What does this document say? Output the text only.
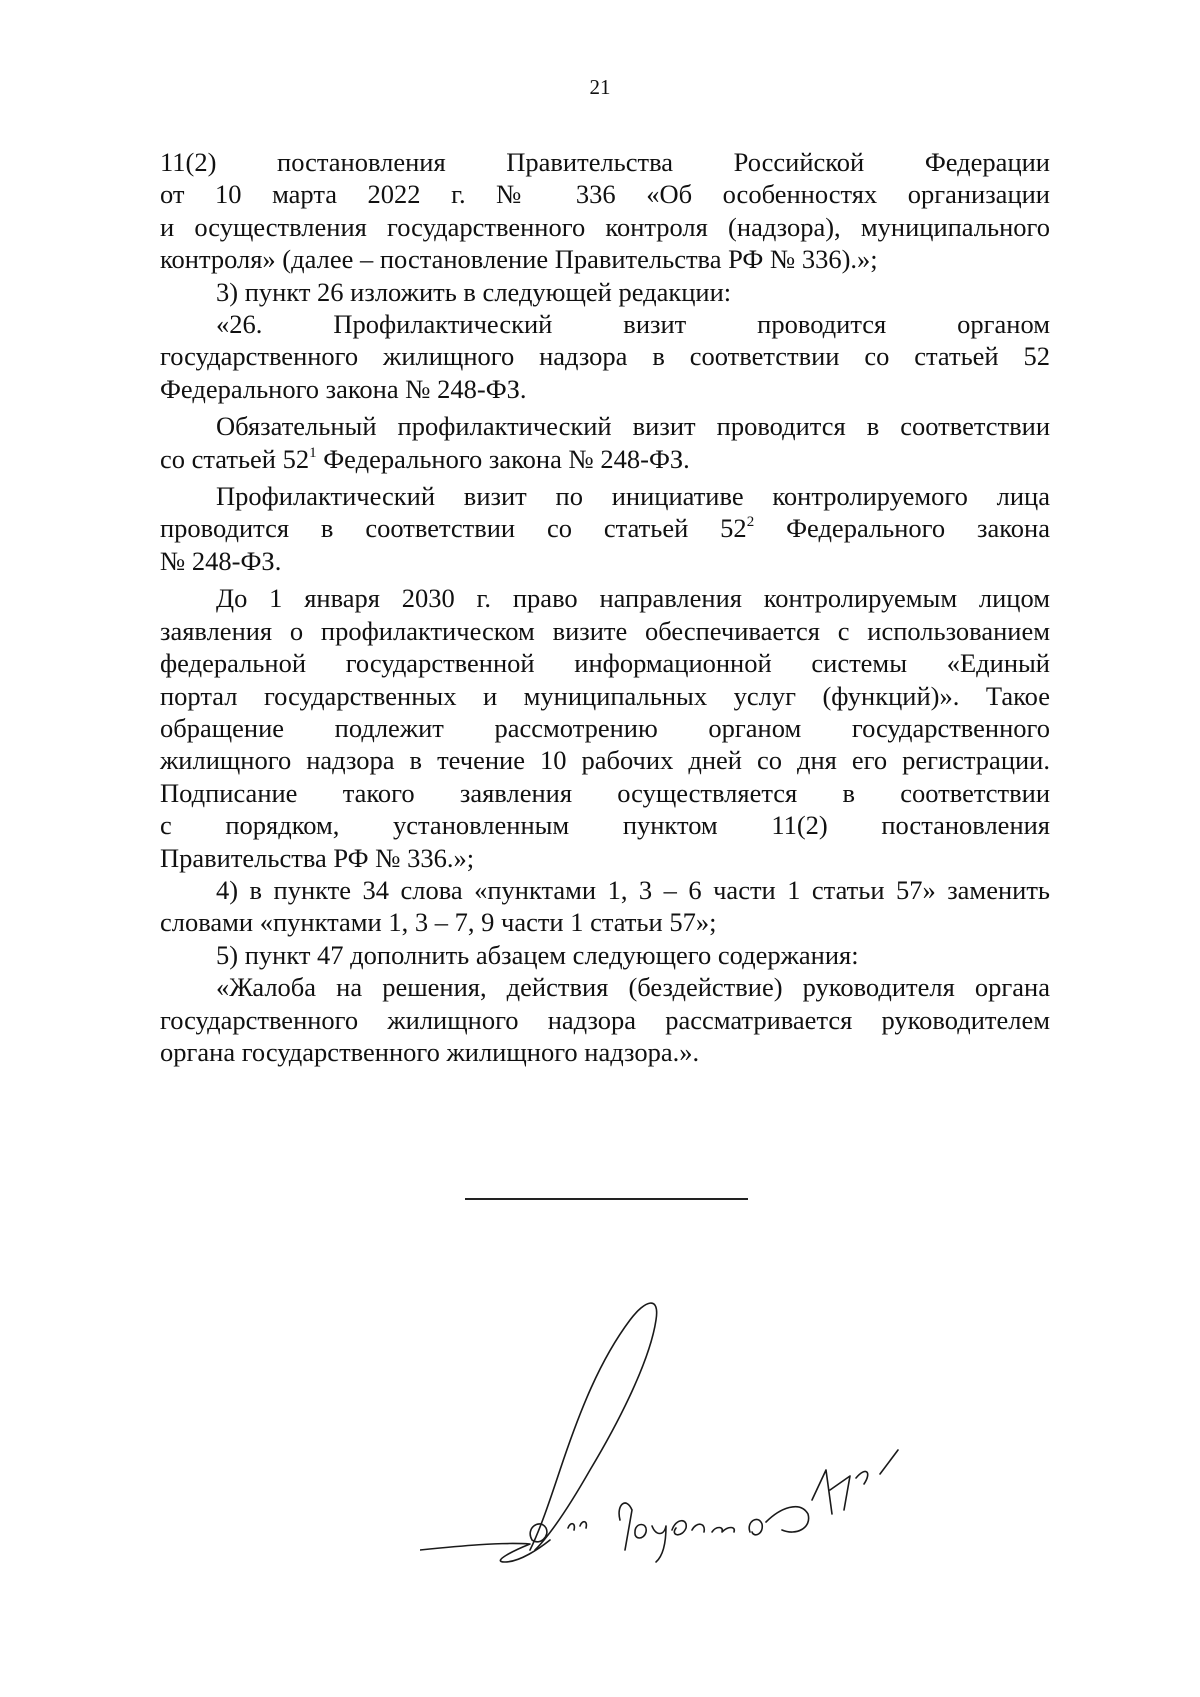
21
11(2) постановления Правительства Российской Федерации
от 10 марта 2022 г. № 336 «Об особенностях организации
и осуществления государственного контроля (надзора), муниципального
контроля» (далее – постановление Правительства РФ № 336).»;
3) пункт 26 изложить в следующей редакции:
«26. Профилактический визит проводится органом
государственного жилищного надзора в соответствии со статьей 52
Федерального закона № 248-ФЗ.
Обязательный профилактический визит проводится в соответствии
со статьей $52^1$ Федерального закона № 248-ФЗ.
Профилактический визит по инициативе контролируемого лица
проводится в соответствии со статьей $52^2$ Федерального закона
№ 248-ФЗ.
До 1 января 2030 г. право направления контролируемым лицом
заявления о профилактическом визите обеспечивается с использованием
федеральной государственной информационной системы «Единый
портал государственных и муниципальных услуг (функций)». Такое
обращение подлежит рассмотрению органом государственного
жилищного надзора в течение 10 рабочих дней со дня его регистрации.
Подписание такого заявления осуществляется в соответствии
с порядком, установленным пунктом 11(2) постановления
Правительства РФ № 336.»;
4) в пункте 34 слова «пунктами 1, 3 – 6 части 1 статьи 57» заменить
словами «пунктами 1, 3 – 7, 9 части 1 статьи 57»;
5) пункт 47 дополнить абзацем следующего содержания:
«Жалоба на решения, действия (бездействие) руководителя органа
государственного жилищного надзора рассматривается руководителем
органа государственного жилищного надзора.».
